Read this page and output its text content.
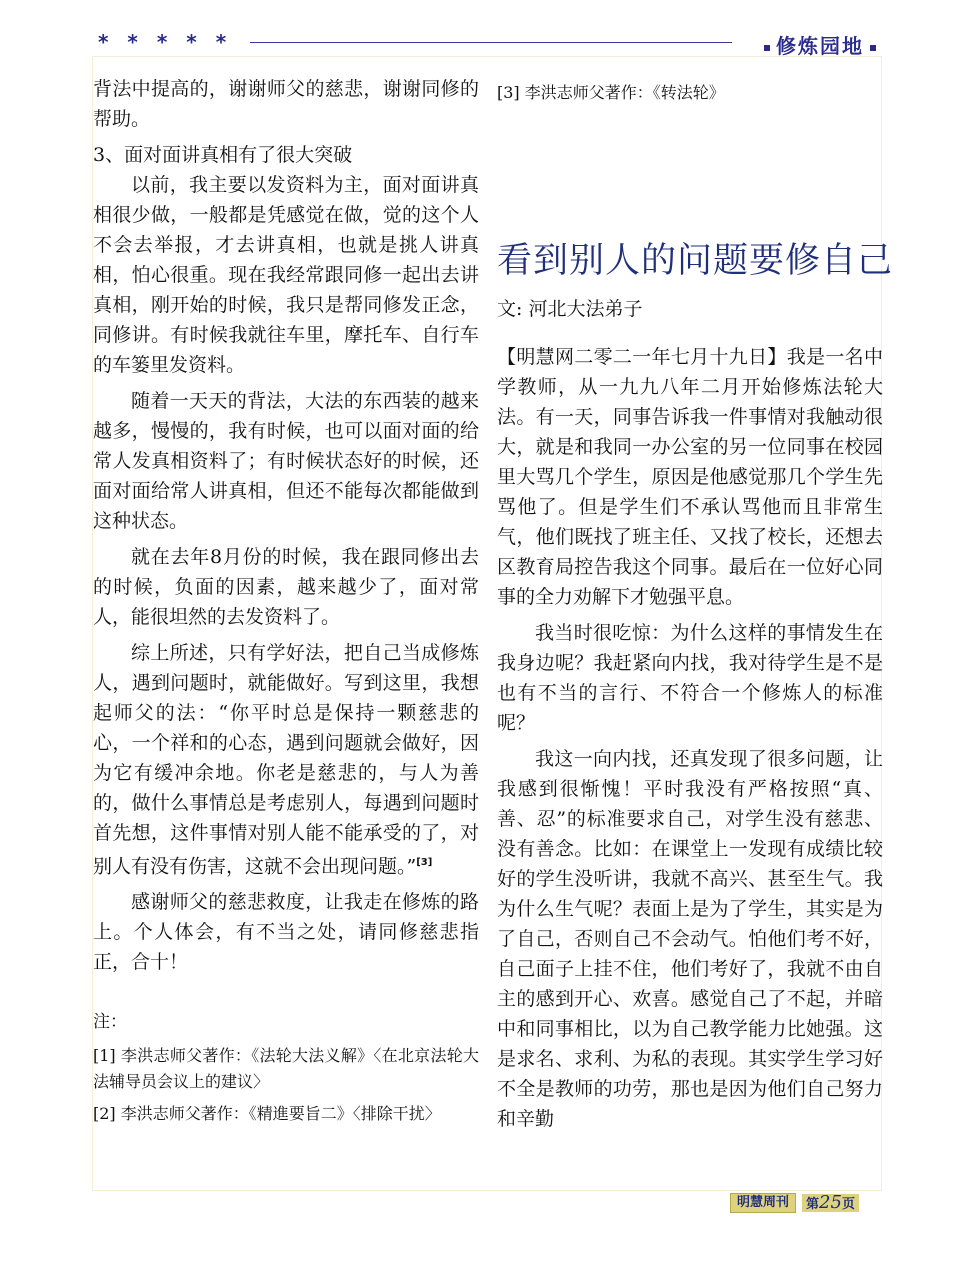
* * * * *	修炼园地

背法中提高的，谢谢师父的慈悲，谢谢同修的帮助。

3、面对面讲真相有了很大突破

以前，我主要以发资料为主，面对面讲真相很少做，一般都是凭感觉在做，觉的这个人不会去举报，才去讲真相，也就是挑人讲真相，怕心很重。现在我经常跟同修一起出去讲真相，刚开始的时候，我只是帮同修发正念，同修讲。有时候我就往车里，摩托车、自行车的车篓里发资料。

随着一天天的背法，大法的东西装的越来越多，慢慢的，我有时候，也可以面对面的给常人发真相资料了；有时候状态好的时候，还面对面给常人讲真相，但还不能每次都能做到这种状态。

就在去年8月份的时候，我在跟同修出去的时候，负面的因素，越来越少了，面对常人，能很坦然的去发资料了。

综上所述，只有学好法，把自己当成修炼人，遇到问题时，就能做好。写到这里，我想起师父的法：“你平时总是保持一颗慈悲的心，一个祥和的心态，遇到问题就会做好，因为它有缓冲余地。你老是慈悲的，与人为善的，做什么事情总是考虑别人，每遇到问题时首先想，这件事情对别人能不能承受的了，对别人有没有伤害，这就不会出现问题。”[3]

感谢师父的慈悲救度，让我走在修炼的路上。个人体会，有不当之处，请同修慈悲指正，合十！

注：

[1] 李洪志师父著作：《法轮大法义解》〈在北京法轮大法辅导员会议上的建议〉

[2] 李洪志师父著作：《精進要旨二》〈排除干扰〉

[3] 李洪志师父著作：《转法轮》

看到别人的问题要修自己

文: 河北大法弟子

【明慧网二零二一年七月十九日】我是一名中学教师，从一九九八年二月开始修炼法轮大法。有一天，同事告诉我一件事情对我触动很大，就是和我同一办公室的另一位同事在校园里大骂几个学生，原因是他感觉那几个学生先骂他了。但是学生们不承认骂他而且非常生气，他们既找了班主任、又找了校长，还想去区教育局控告我这个同事。最后在一位好心同事的全力劝解下才勉强平息。

我当时很吃惊：为什么这样的事情发生在我身边呢？我赶紧向内找，我对待学生是不是也有不当的言行、不符合一个修炼人的标准呢？

我这一向内找，还真发现了很多问题，让我感到很惭愧！平时我没有严格按照“真、善、忍”的标准要求自己，对学生没有慈悲、没有善念。比如：在课堂上一发现有成绩比较好的学生没听讲，我就不高兴、甚至生气。我为什么生气呢？表面上是为了学生，其实是为了自己，否则自己不会动气。怕他们考不好，自己面子上挂不住，他们考好了，我就不由自主的感到开心、欢喜。感觉自己了不起，并暗中和同事相比，以为自己教学能力比她强。这是求名、求利、为私的表现。其实学生学习好不全是教师的功劳，那也是因为他们自己努力和辛勤

明慧周刊	第25页
